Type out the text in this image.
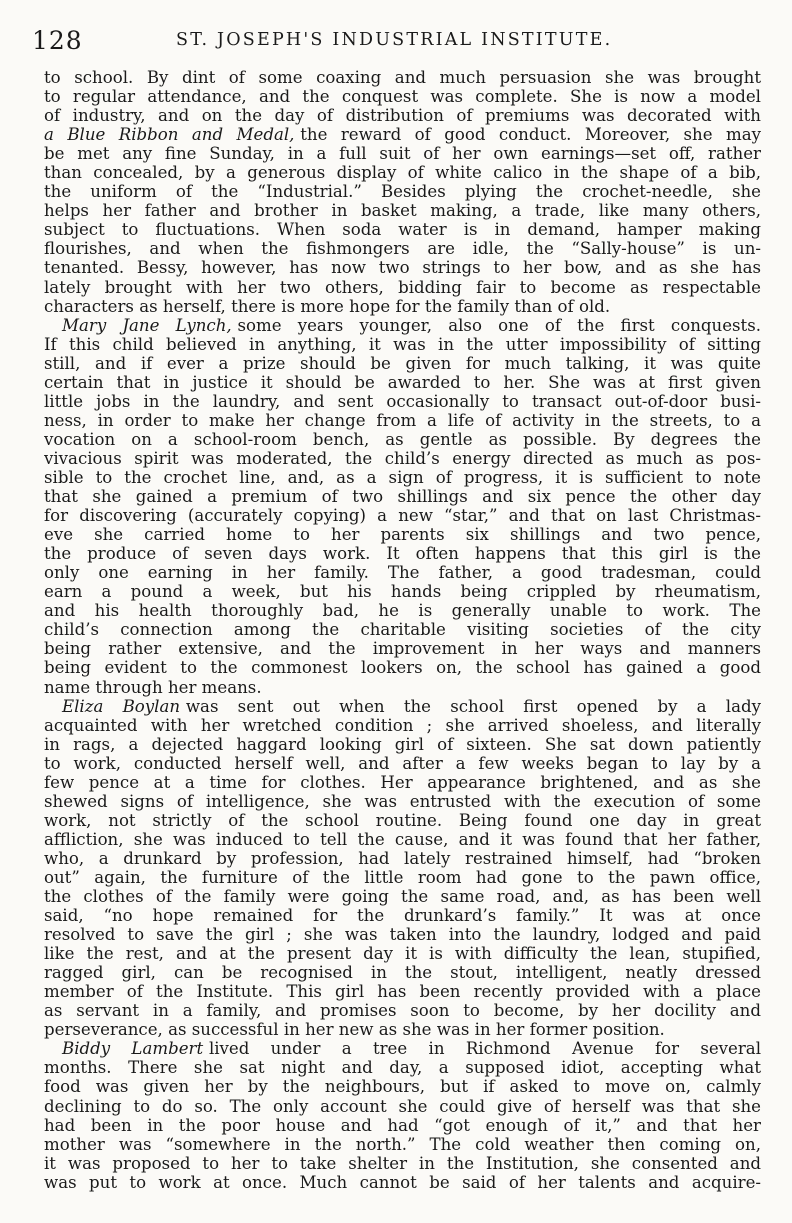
128	ST. JOSEPH'S INDUSTRIAL INSTITUTE.
to school. By dint of some coaxing and much persuasion she was brought
to regular attendance, and the conquest was complete. She is now a model
of industry, and on the day of distribution of premiums was decorated with
a Blue Ribbon and Medal, the reward of good conduct. Moreover, she may
be met any fine Sunday, in a full suit of her own earnings—set off, rather
than concealed, by a generous display of white calico in the shape of a bib,
the uniform of the “Industrial.” Besides plying the crochet-needle, she
helps her father and brother in basket making, a trade, like many others,
subject to fluctuations. When soda water is in demand, hamper making
flourishes, and when the fishmongers are idle, the “Sally-house” is un-
tenanted. Bessy, however, has now two strings to her bow, and as she has
lately brought with her two others, bidding fair to become as respectable
characters as herself, there is more hope for the family than of old.
Mary Jane Lynch, some years younger, also one of the first conquests.
If this child believed in anything, it was in the utter impossibility of sitting
still, and if ever a prize should be given for much talking, it was quite
certain that in justice it should be awarded to her. She was at first given
little jobs in the laundry, and sent occasionally to transact out-of-door busi-
ness, in order to make her change from a life of activity in the streets, to a
vocation on a school-room bench, as gentle as possible. By degrees the
vivacious spirit was moderated, the child’s energy directed as much as pos-
sible to the crochet line, and, as a sign of progress, it is sufficient to note
that she gained a premium of two shillings and six pence the other day
for discovering (accurately copying) a new “star,” and that on last Christmas-
eve she carried home to her parents six shillings and two pence,
the produce of seven days work. It often happens that this girl is the
only one earning in her family. The father, a good tradesman, could
earn a pound a week, but his hands being crippled by rheumatism,
and his health thoroughly bad, he is generally unable to work. The
child’s connection among the charitable visiting societies of the city
being rather extensive, and the improvement in her ways and manners
being evident to the commonest lookers on, the school has gained a good
name through her means.
Eliza Boylan was sent out when the school first opened by a lady
acquainted with her wretched condition ; she arrived shoeless, and literally
in rags, a dejected haggard looking girl of sixteen. She sat down patiently
to work, conducted herself well, and after a few weeks began to lay by a
few pence at a time for clothes. Her appearance brightened, and as she
shewed signs of intelligence, she was entrusted with the execution of some
work, not strictly of the school routine. Being found one day in great
affliction, she was induced to tell the cause, and it was found that her father,
who, a drunkard by profession, had lately restrained himself, had “broken
out” again, the furniture of the little room had gone to the pawn office,
the clothes of the family were going the same road, and, as has been well
said, “no hope remained for the drunkard’s family.” It was at once
resolved to save the girl ; she was taken into the laundry, lodged and paid
like the rest, and at the present day it is with difficulty the lean, stupified,
ragged girl, can be recognised in the stout, intelligent, neatly dressed
member of the Institute. This girl has been recently provided with a place
as servant in a family, and promises soon to become, by her docility and
perseverance, as successful in her new as she was in her former position.
Biddy Lambert lived under a tree in Richmond Avenue for several
months. There she sat night and day, a supposed idiot, accepting what
food was given her by the neighbours, but if asked to move on, calmly
declining to do so. The only account she could give of herself was that she
had been in the poor house and had “got enough of it,” and that her
mother was “somewhere in the north.” The cold weather then coming on,
it was proposed to her to take shelter in the Institution, she consented and
was put to work at once. Much cannot be said of her talents and acquire-
